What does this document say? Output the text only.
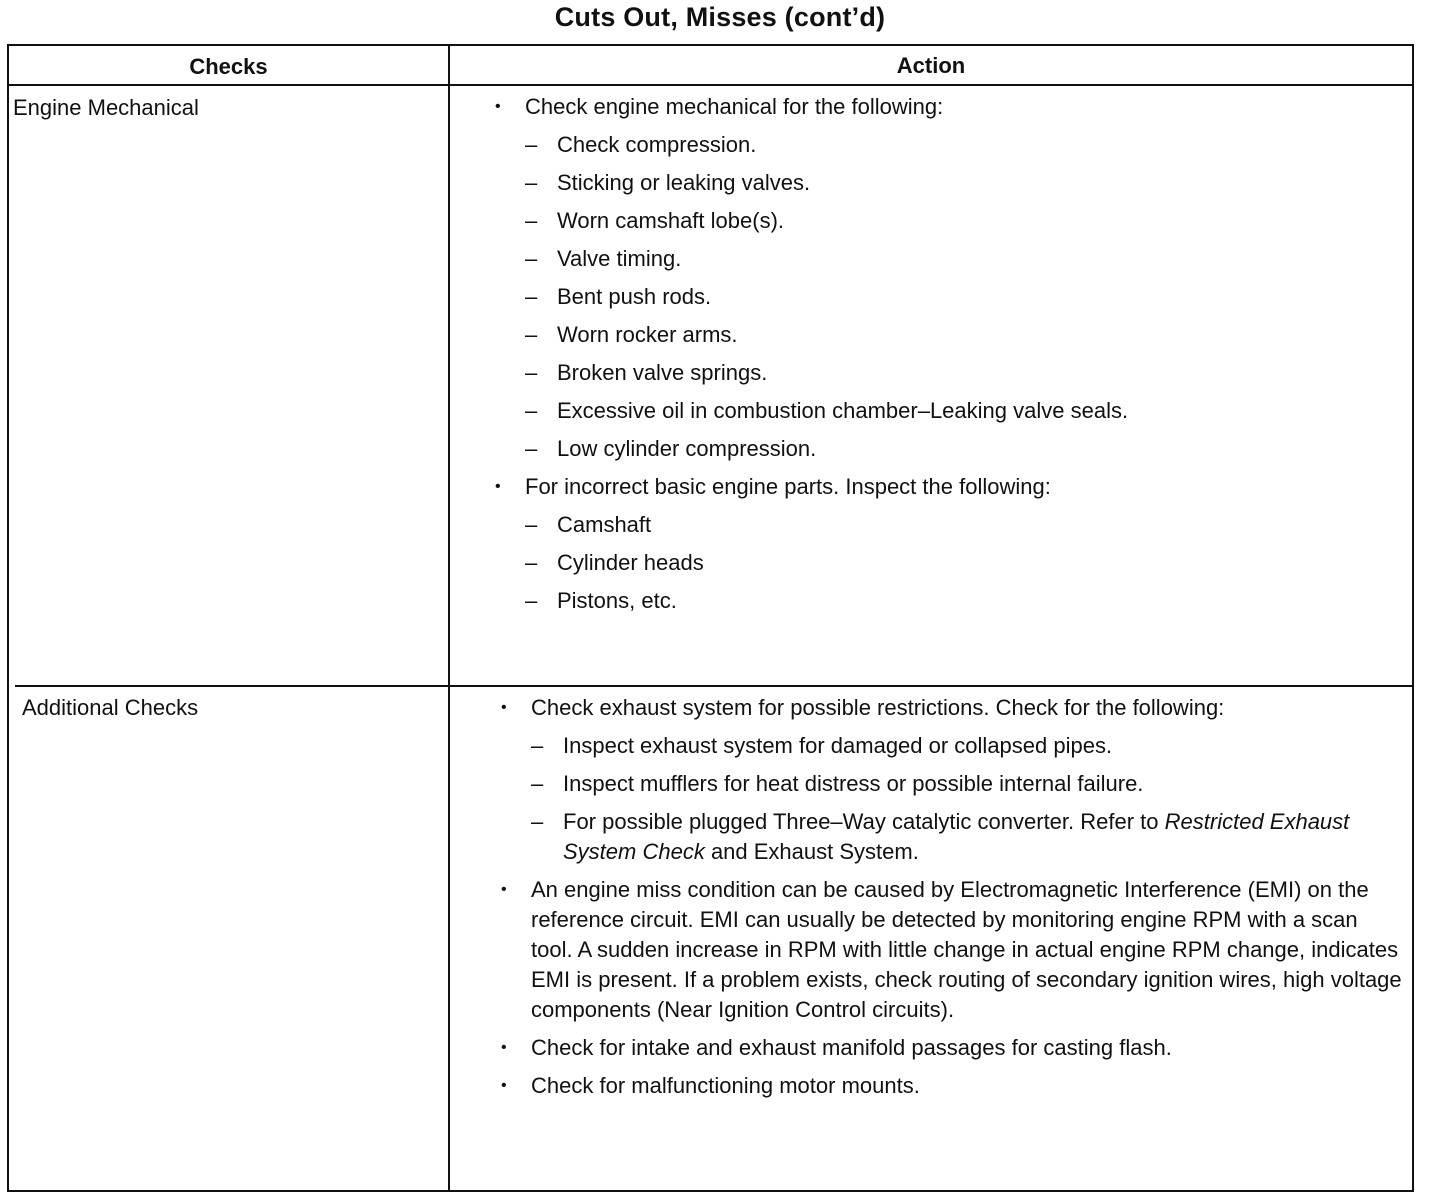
Cuts Out, Misses (cont’d)
Checks	Action
Engine Mechanical
Additional Checks
• Check engine mechanical for the following:
– Check compression.
– Sticking or leaking valves.
– Worn camshaft lobe(s).
– Valve timing.
– Bent push rods.
– Worn rocker arms.
– Broken valve springs.
– Excessive oil in combustion chamber–Leaking valve seals.
– Low cylinder compression.
• For incorrect basic engine parts. Inspect the following:
– Camshaft
– Cylinder heads
– Pistons, etc.
• Check exhaust system for possible restrictions. Check for the following:
– Inspect exhaust system for damaged or collapsed pipes.
– Inspect mufflers for heat distress or possible internal failure.
– For possible plugged Three–Way catalytic converter. Refer to Restricted Exhaust System Check and Exhaust System.
• An engine miss condition can be caused by Electromagnetic Interference (EMI) on the reference circuit. EMI can usually be detected by monitoring engine RPM with a scan tool. A sudden increase in RPM with little change in actual engine RPM change, indicates EMI is present. If a problem exists, check routing of secondary ignition wires, high voltage components (Near Ignition Control circuits).
• Check for intake and exhaust manifold passages for casting flash.
• Check for malfunctioning motor mounts.
